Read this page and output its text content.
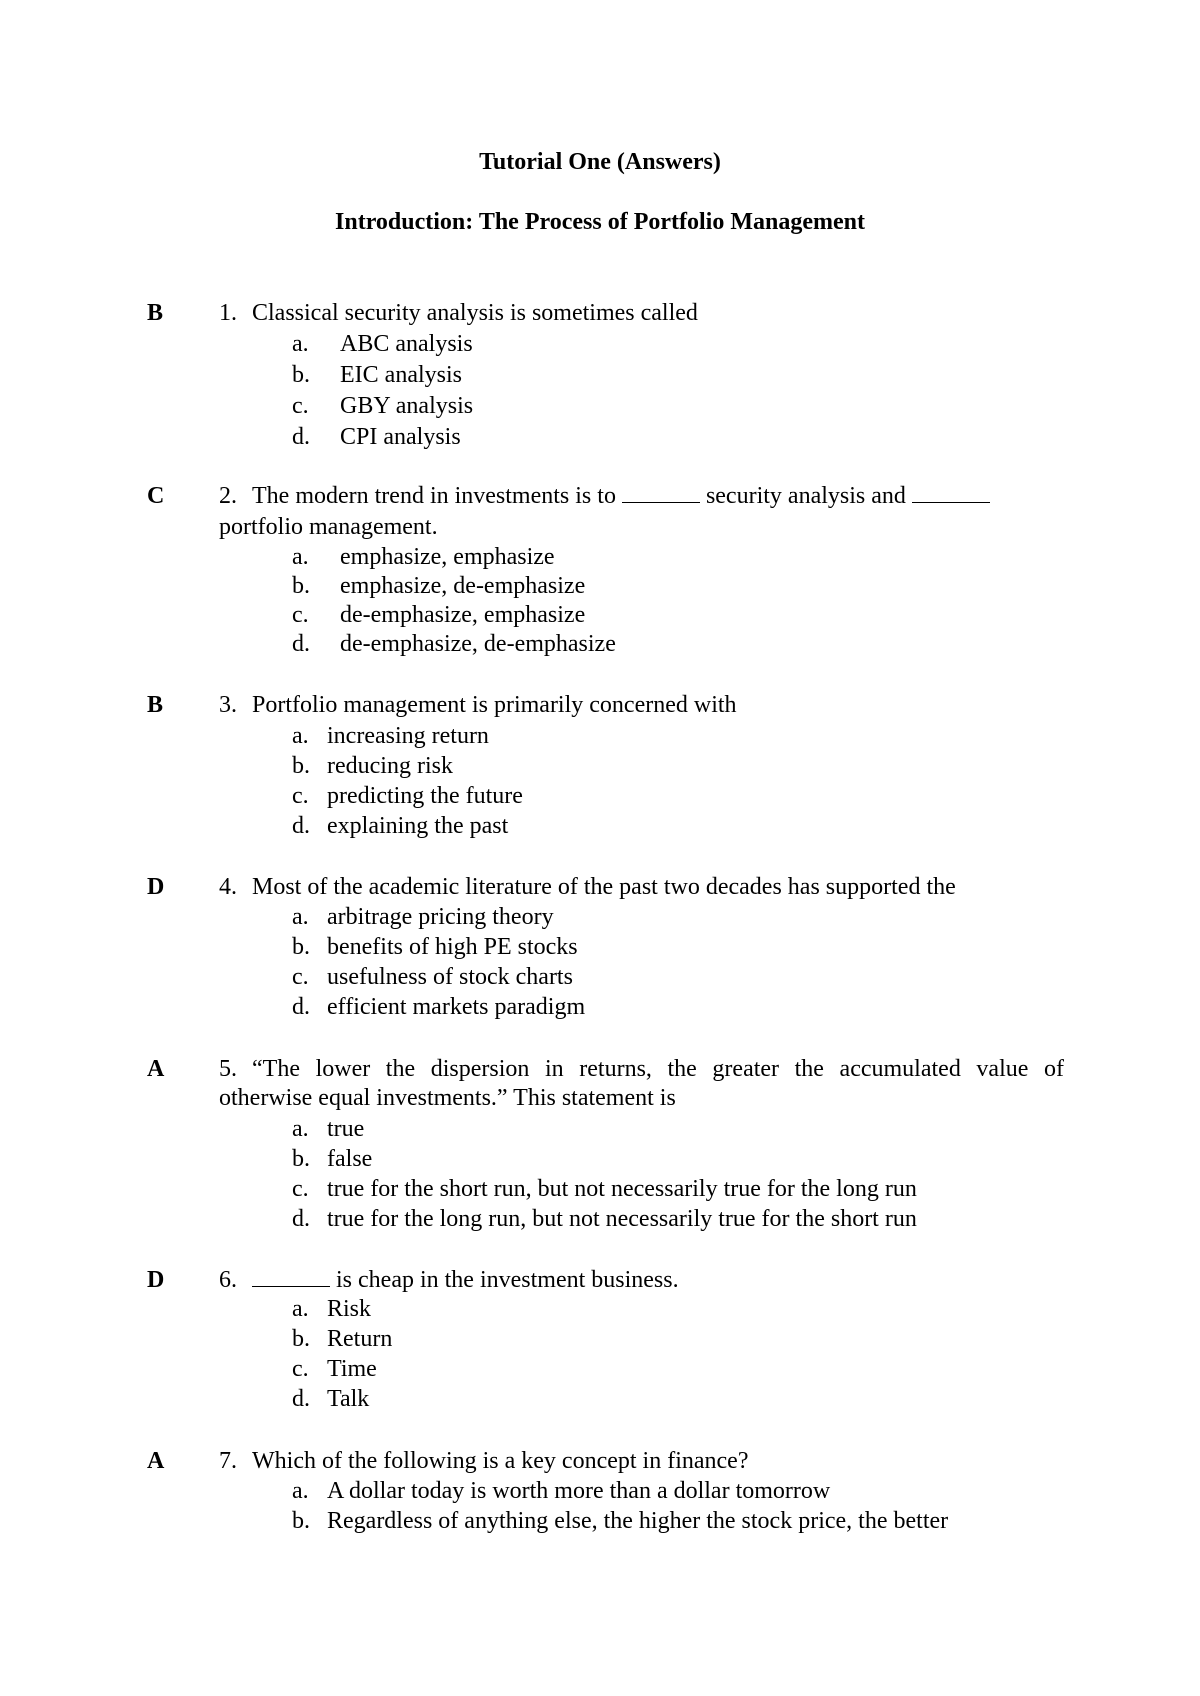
Tutorial One (Answers)
Introduction: The Process of Portfolio Management
B 1. Classical security analysis is sometimes called
a. ABC analysis
b. EIC analysis
c. GBY analysis
d. CPI analysis
C 2. The modern trend in investments is to	security analysis and
portfolio management.
a. emphasize, emphasize
b. emphasize, de-emphasize
c. de-emphasize, emphasize
d. de-emphasize, de-emphasize
B 3. Portfolio management is primarily concerned with
a. increasing return
b. reducing risk
c. predicting the future
d. explaining the past
D 4. Most of the academic literature of the past two decades has supported the
a. arbitrage pricing theory
b. benefits of high PE stocks
c. usefulness of stock charts
d. efficient markets paradigm
A 5. “The lower the dispersion in returns, the greater the accumulated value of
otherwise equal investments.” This statement is
a. true
b. false
c. true for the short run, but not necessarily true for the long run
d. true for the long run, but not necessarily true for the short run
D 6.	is cheap in the investment business.
a. Risk
b. Return
c. Time
d. Talk
A 7. Which of the following is a key concept in finance?
a. A dollar today is worth more than a dollar tomorrow
b. Regardless of anything else, the higher the stock price, the better
